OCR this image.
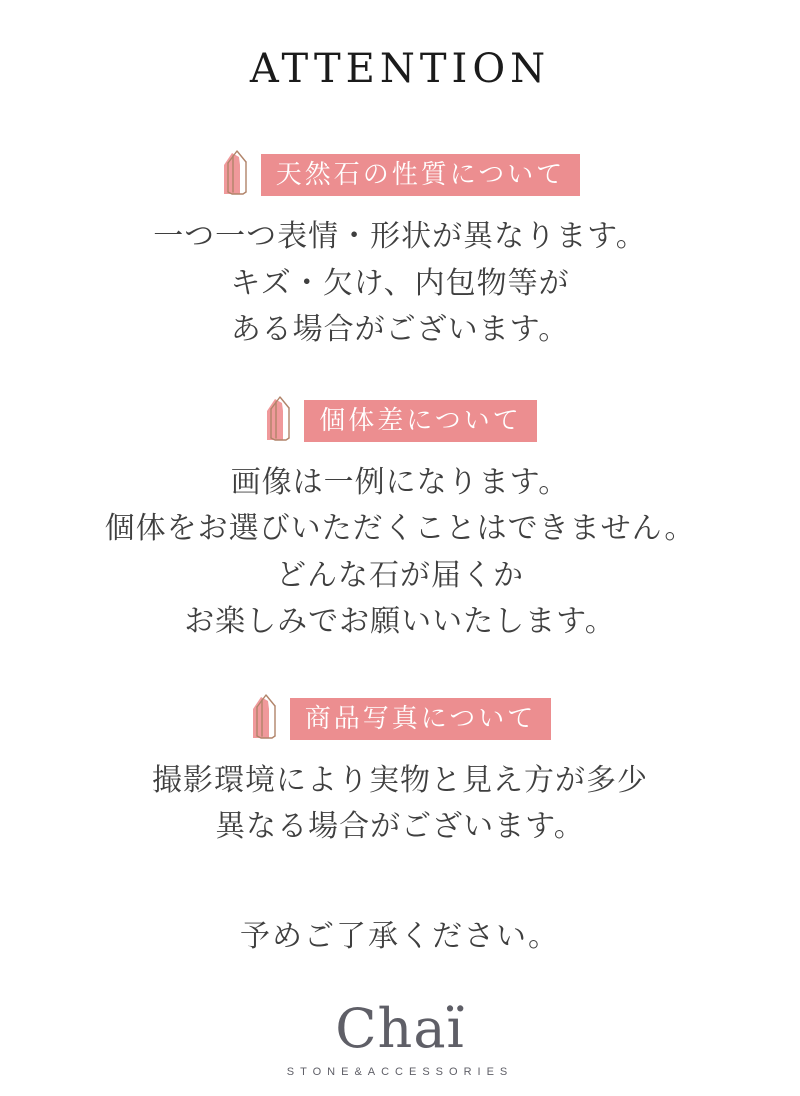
ATTENTION
天然石の性質について
一つ一つ表情・形状が異なります。
キズ・欠け、内包物等が
ある場合がございます。
個体差について
画像は一例になります。
個体をお選びいただくことはできません。
どんな石が届くか
お楽しみでお願いいたします。
商品写真について
撮影環境により実物と見え方が多少
異なる場合がございます。
予めご了承ください。
Chaï
STONE&ACCESSORIES
